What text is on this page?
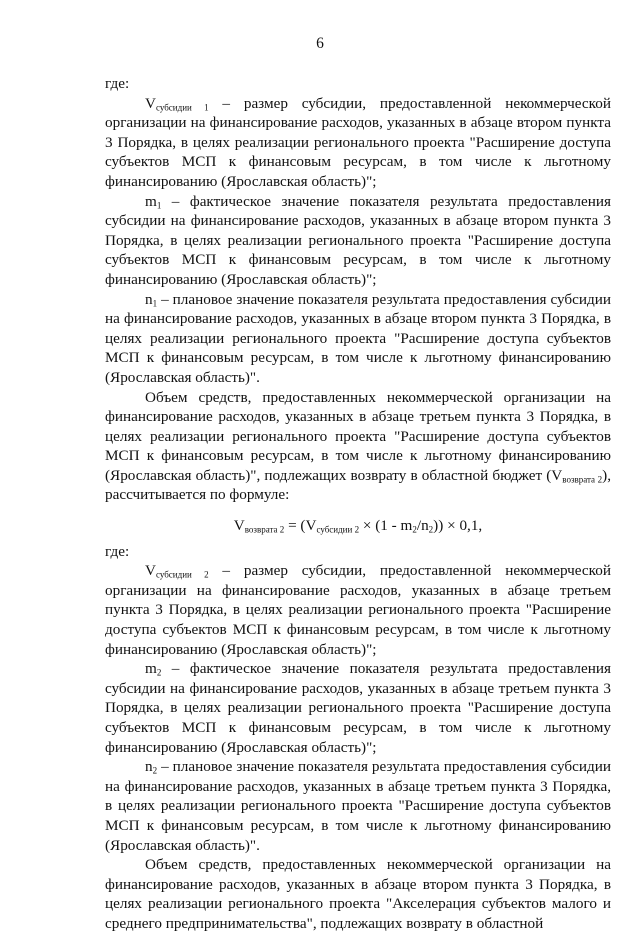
6

где:

$V_{субсидии 1}$ – размер субсидии, предоставленной некоммерческой организации на финансирование расходов, указанных в абзаце втором пункта 3 Порядка, в целях реализации регионального проекта "Расширение доступа субъектов МСП к финансовым ресурсам, в том числе к льготному финансированию (Ярославская область)";

$m_1$ – фактическое значение показателя результата предоставления субсидии на финансирование расходов, указанных в абзаце втором пункта 3 Порядка, в целях реализации регионального проекта "Расширение доступа субъектов МСП к финансовым ресурсам, в том числе к льготному финансированию (Ярославская область)";

$n_1$ – плановое значение показателя результата предоставления субсидии на финансирование расходов, указанных в абзаце втором пункта 3 Порядка, в целях реализации регионального проекта "Расширение доступа субъектов МСП к финансовым ресурсам, в том числе к льготному финансированию (Ярославская область)".

Объем средств, предоставленных некоммерческой организации на финансирование расходов, указанных в абзаце третьем пункта 3 Порядка, в целях реализации регионального проекта "Расширение доступа субъектов МСП к финансовым ресурсам, в том числе к льготному финансированию (Ярославская область)", подлежащих возврату в областной бюджет $(V_{возврата 2})$, рассчитывается по формуле:

$V_{возврата 2} = (V_{субсидии 2} \times (1 - m_2/n_2)) \times 0,1$,

где:

$V_{субсидии 2}$ – размер субсидии, предоставленной некоммерческой организации на финансирование расходов, указанных в абзаце третьем пункта 3 Порядка, в целях реализации регионального проекта "Расширение доступа субъектов МСП к финансовым ресурсам, в том числе к льготному финансированию (Ярославская область)";

$m_2$ – фактическое значение показателя результата предоставления субсидии на финансирование расходов, указанных в абзаце третьем пункта 3 Порядка, в целях реализации регионального проекта "Расширение доступа субъектов МСП к финансовым ресурсам, в том числе к льготному финансированию (Ярославская область)";

$n_2$ – плановое значение показателя результата предоставления субсидии на финансирование расходов, указанных в абзаце третьем пункта 3 Порядка, в целях реализации регионального проекта "Расширение доступа субъектов МСП к финансовым ресурсам, в том числе к льготному финансированию (Ярославская область)".

Объем средств, предоставленных некоммерческой организации на финансирование расходов, указанных в абзаце втором пункта 3 Порядка, в целях реализации регионального проекта "Акселерация субъектов малого и среднего предпринимательства", подлежащих возврату в областной
